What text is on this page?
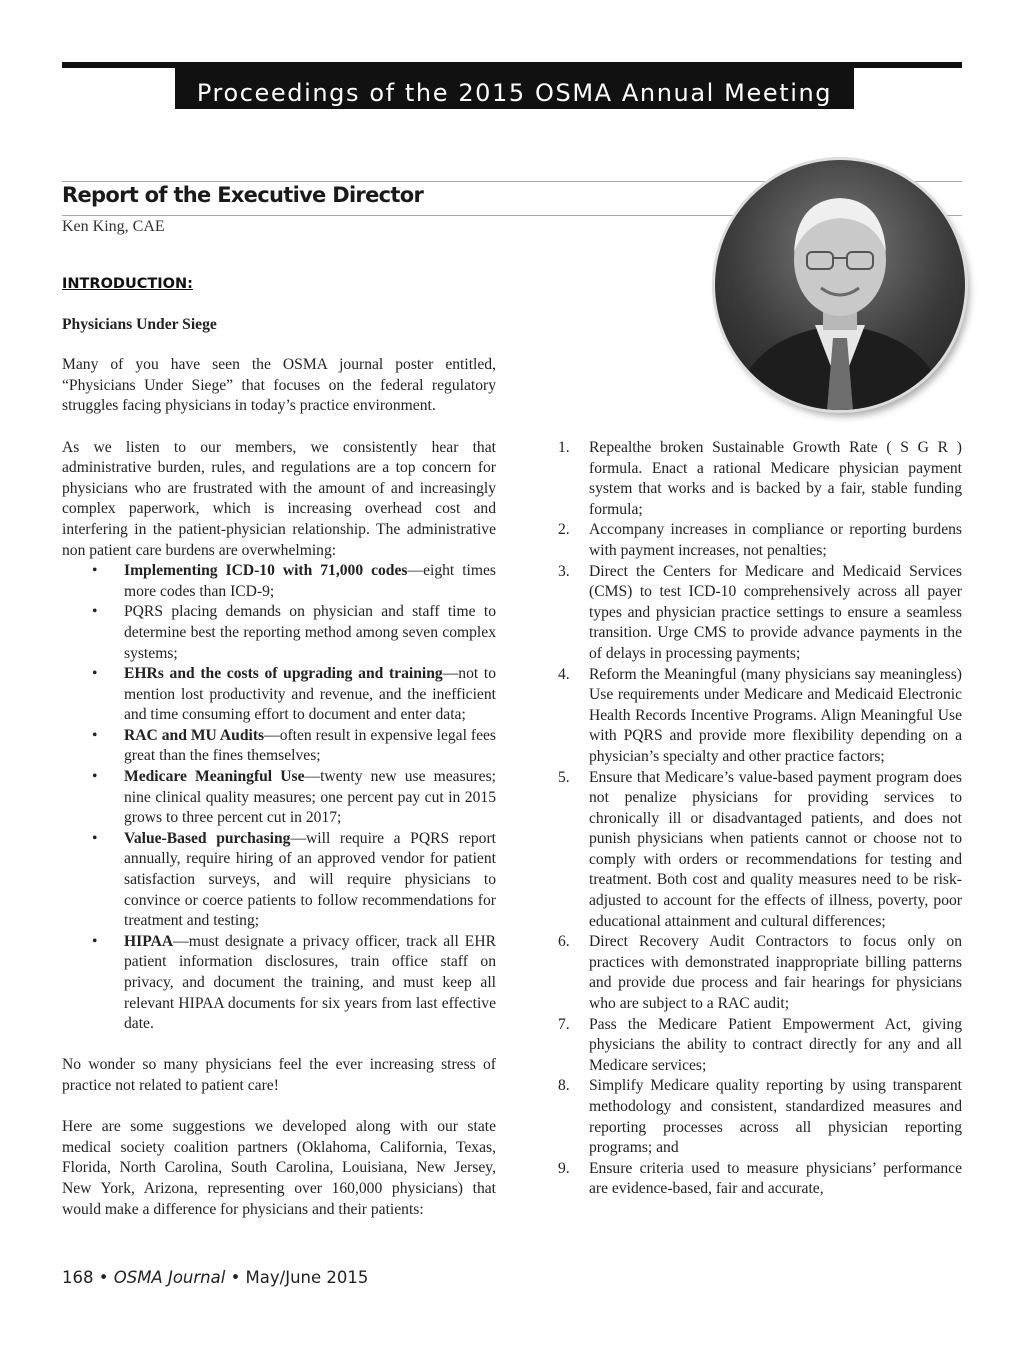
Proceedings of the 2015 OSMA Annual Meeting
Report of the Executive Director
Ken King, CAE
INTRODUCTION:
Physicians Under Siege

Many of you have seen the OSMA journal poster entitled, “Physicians Under Siege” that focuses on the federal regulatory struggles facing physicians in today’s practice environment.

As we listen to our members, we consistently hear that administrative burden, rules, and regulations are a top concern for physicians who are frustrated with the amount of and increasingly complex paperwork, which is increasing overhead cost and interfering in the patient-physician relationship. The administrative non patient care burdens are overwhelming:

• Implementing ICD-10 with 71,000 codes—eight times more codes than ICD-9;
• PQRS placing demands on physician and staff time to determine best the reporting method among seven complex systems;
• EHRs and the costs of upgrading and training—not to mention lost productivity and revenue, and the inefficient and time consuming effort to document and enter data;
• RAC and MU Audits—often result in expensive legal fees great than the fines themselves;
• Medicare Meaningful Use—twenty new use measures; nine clinical quality measures; one percent pay cut in 2015 grows to three percent cut in 2017;
• Value-Based purchasing—will require a PQRS report annually, require hiring of an approved vendor for patient satisfaction surveys, and will require physicians to convince or coerce patients to follow recommendations for treatment and testing;
• HIPAA—must designate a privacy officer, track all EHR patient information disclosures, train office staff on privacy, and document the training, and must keep all relevant HIPAA documents for six years from last effective date.

No wonder so many physicians feel the ever increasing stress of practice not related to patient care!

Here are some suggestions we developed along with our state medical society coalition partners (Oklahoma, California, Texas, Florida, North Carolina, South Carolina, Louisiana, New Jersey, New York, Arizona, representing over 160,000 physicians) that would make a difference for physicians and their patients:

1. Repealthe broken Sustainable Growth Rate ( S G R ) formula. Enact a rational Medicare physician payment system that works and is backed by a fair, stable funding formula;
2. Accompany increases in compliance or reporting burdens with payment increases, not penalties;
3. Direct the Centers for Medicare and Medicaid Services (CMS) to test ICD-10 comprehensively across all payer types and physician practice settings to ensure a seamless transition. Urge CMS to provide advance payments in the of delays in processing payments;
4. Reform the Meaningful (many physicians say meaningless) Use requirements under Medicare and Medicaid Electronic Health Records Incentive Programs. Align Meaningful Use with PQRS and provide more flexibility depending on a physician’s specialty and other practice factors;
5. Ensure that Medicare’s value-based payment program does not penalize physicians for providing services to chronically ill or disadvantaged patients, and does not punish physicians when patients cannot or choose not to comply with orders or recommendations for testing and treatment. Both cost and quality measures need to be risk-adjusted to account for the effects of illness, poverty, poor educational attainment and cultural differences;
6. Direct Recovery Audit Contractors to focus only on practices with demonstrated inappropriate billing patterns and provide due process and fair hearings for physicians who are subject to a RAC audit;
7. Pass the Medicare Patient Empowerment Act, giving physicians the ability to contract directly for any and all Medicare services;
8. Simplify Medicare quality reporting by using transparent methodology and consistent, standardized measures and reporting processes across all physician reporting programs; and
9. Ensure criteria used to measure physicians’ performance are evidence-based, fair and accurate,
168 • OSMA Journal • May/June 2015
